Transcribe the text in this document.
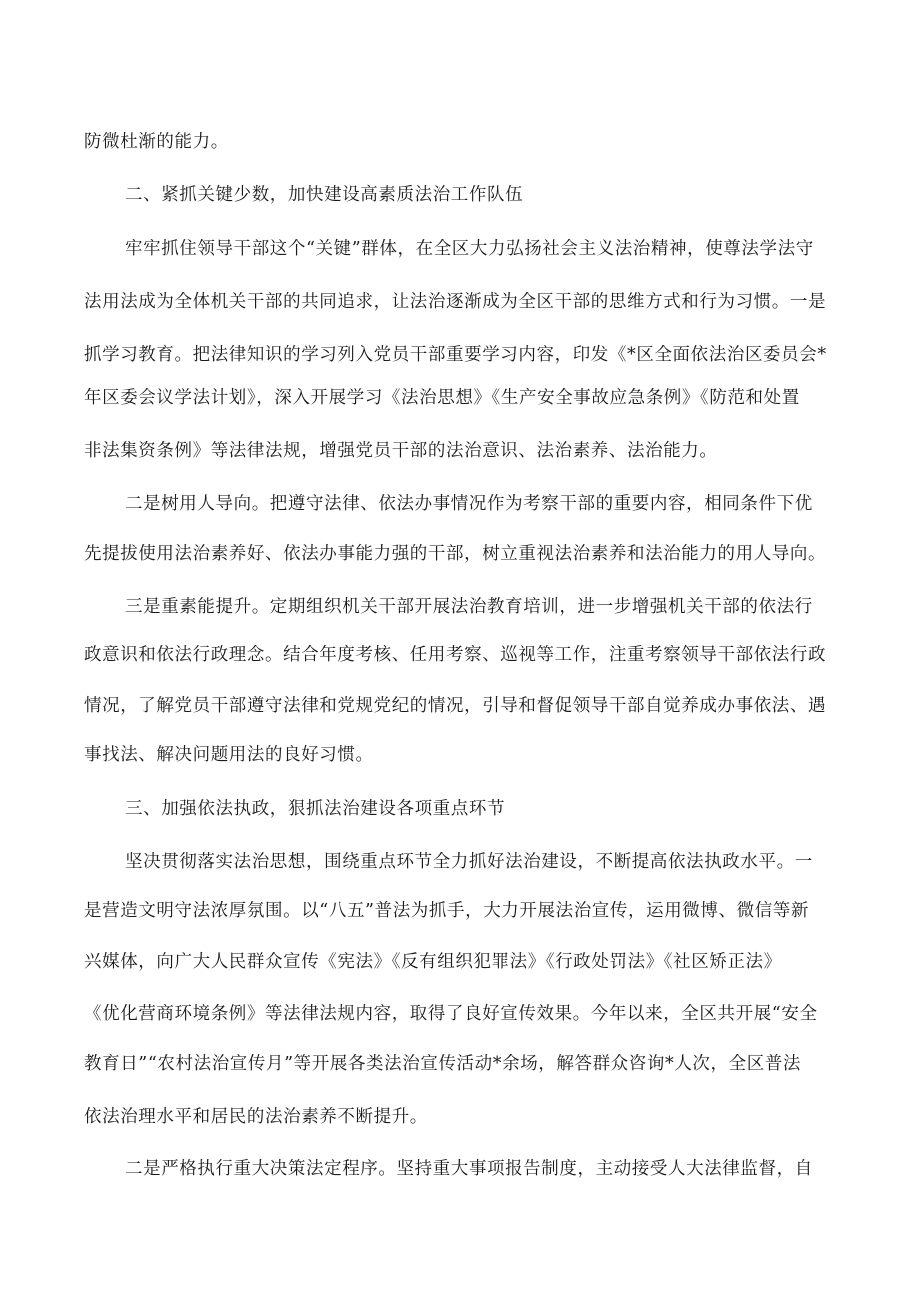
防微杜渐的能力。
二、紧抓关键少数，加快建设高素质法治工作队伍
牢牢抓住领导干部这个“关键”群体，在全区大力弘扬社会主义法治精神，使尊法学法守
法用法成为全体机关干部的共同追求，让法治逐渐成为全区干部的思维方式和行为习惯。一是
抓学习教育。把法律知识的学习列入党员干部重要学习内容，印发《*区全面依法治区委员会*
年区委会议学法计划》，深入开展学习《法治思想》《生产安全事故应急条例》《防范和处置
非法集资条例》等法律法规，增强党员干部的法治意识、法治素养、法治能力。
二是树用人导向。把遵守法律、依法办事情况作为考察干部的重要内容，相同条件下优
先提拔使用法治素养好、依法办事能力强的干部，树立重视法治素养和法治能力的用人导向。
三是重素能提升。定期组织机关干部开展法治教育培训，进一步增强机关干部的依法行
政意识和依法行政理念。结合年度考核、任用考察、巡视等工作，注重考察领导干部依法行政
情况，了解党员干部遵守法律和党规党纪的情况，引导和督促领导干部自觉养成办事依法、遇
事找法、解决问题用法的良好习惯。
三、加强依法执政，狠抓法治建设各项重点环节
坚决贯彻落实法治思想，围绕重点环节全力抓好法治建设，不断提高依法执政水平。一
是营造文明守法浓厚氛围。以“八五”普法为抓手，大力开展法治宣传，运用微博、微信等新
兴媒体，向广大人民群众宣传《宪法》《反有组织犯罪法》《行政处罚法》《社区矫正法》
《优化营商环境条例》等法律法规内容，取得了良好宣传效果。今年以来，全区共开展“安全
教育日”“农村法治宣传月”等开展各类法治宣传活动*余场，解答群众咨询*人次，全区普法
依法治理水平和居民的法治素养不断提升。
二是严格执行重大决策法定程序。坚持重大事项报告制度，主动接受人大法律监督，自
